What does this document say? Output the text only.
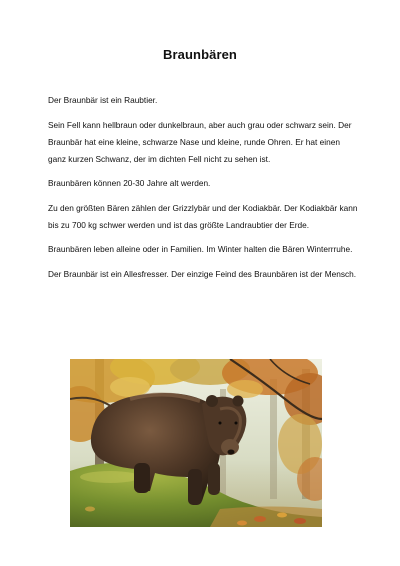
Braunbären

Der Braunbär ist ein Raubtier.

Sein Fell kann hellbraun oder dunkelbraun, aber auch grau oder schwarz sein. Der Braunbär hat eine kleine, schwarze Nase und kleine, runde Ohren. Er hat einen ganz kurzen Schwanz, der im dichten Fell nicht zu sehen ist.

Braunbären können 20-30 Jahre alt werden.

Zu den größten Bären zählen der Grizzlybär und der Kodiakbär. Der Kodiakbär kann bis zu 700 kg schwer werden und ist das größte Landraubtier der Erde.

Braunbären leben alleine oder in Familien. Im Winter halten die Bären Winterrruhe.

Der Braunbär ist ein Allesfresser. Der einzige Feind des Braunbären ist der Mensch.
